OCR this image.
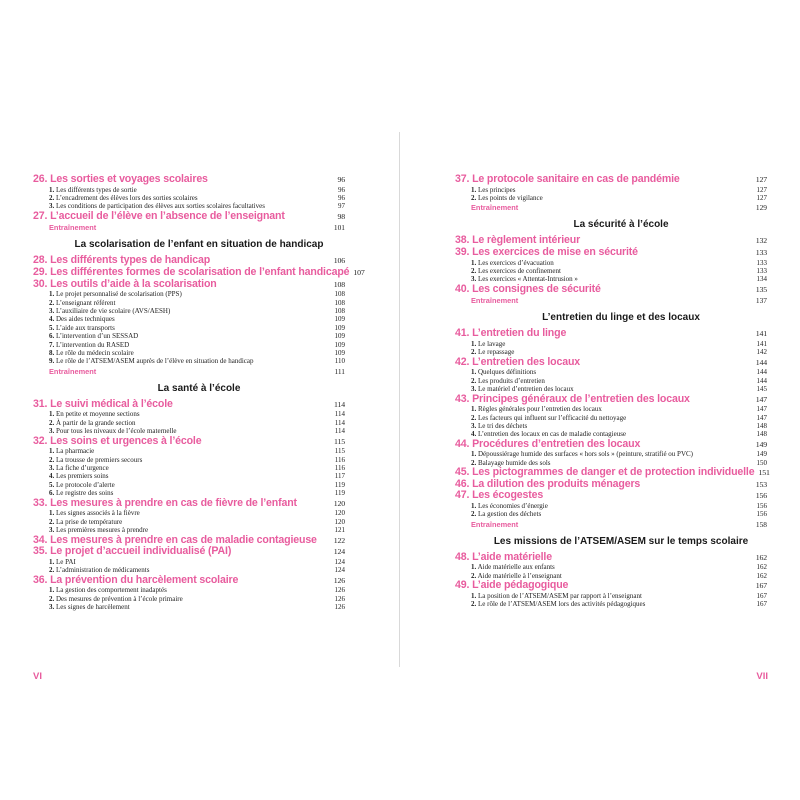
26. Les sorties et voyages scolaires	96
1. Les différents types de sortie	96
2. L’encadrement des élèves lors des sorties scolaires	96
3. Les conditions de participation des élèves aux sorties scolaires facultatives	97
27. L’accueil de l’élève en l’absence de l’enseignant	98
Entraînement	101
La scolarisation de l’enfant en situation de handicap
28. Les différents types de handicap	106
29. Les différentes formes de scolarisation de l’enfant handicapé 107
30. Les outils d’aide à la scolarisation	108
1. Le projet personnalisé de scolarisation (PPS)	108
2. L’enseignant référent	108
3. L’auxiliaire de vie scolaire (AVS/AESH)	108
4. Des aides techniques	109
5. L’aide aux transports	109
6. L’intervention d’un SESSAD	109
7. L’intervention du RASED	109
8. Le rôle du médecin scolaire	109
9. Le rôle de l’ATSEM/ASEM auprès de l’élève en situation de handicap	110
Entraînement	111
La santé à l’école
31. Le suivi médical à l’école	114
1. En petite et moyenne sections	114
2. À partir de la grande section	114
3. Pour tous les niveaux de l’école maternelle	114
32. Les soins et urgences à l’école	115
1. La pharmacie	115
2. La trousse de premiers secours	116
3. La fiche d’urgence	116
4. Les premiers soins	117
5. Le protocole d’alerte	119
6. Le registre des soins	119
33. Les mesures à prendre en cas de fièvre de l’enfant	120
1. Les signes associés à la fièvre	120
2. La prise de température	120
3. Les premières mesures à prendre	121
34. Les mesures à prendre en cas de maladie contagieuse	122
35. Le projet d’accueil individualisé (PAI)	124
1. Le PAI	124
2. L’administration de médicaments	124
36. La prévention du harcèlement scolaire	126
1. La gestion des comportement inadaptés	126
2. Des mesures de prévention à l’école primaire	126
3. Les signes de harcèlement	126
37. Le protocole sanitaire en cas de pandémie	127
1. Les principes	127
2. Les points de vigilance	127
Entraînement	129
La sécurité à l’école
38. Le règlement intérieur	132
39. Les exercices de mise en sécurité	133
1. Les exercices d’évacuation	133
2. Les exercices de confinement	133
3. Les exercices « Attentat-Intrusion »	134
40. Les consignes de sécurité	135
Entraînement	137
L’entretien du linge et des locaux
41. L’entretien du linge	141
1. Le lavage	141
2. Le repassage	142
42. L’entretien des locaux	144
1. Quelques définitions	144
2. Les produits d’entretien	144
3. Le matériel d’entretien des locaux	145
43. Principes généraux de l’entretien des locaux	147
1. Règles générales pour l’entretien des locaux	147
2. Les facteurs qui influent sur l’efficacité du nettoyage	147
3. Le tri des déchets	148
4. L’entretien des locaux en cas de maladie contagieuse	148
44. Procédures d’entretien des locaux	149
1. Dépoussiérage humide des surfaces « hors sols » (peinture, stratifié ou PVC)	149
2. Balayage humide des sols	150
45. Les pictogrammes de danger et de protection individuelle 151
46. La dilution des produits ménagers	153
47. Les écogestes	156
1. Les économies d’énergie	156
2. La gestion des déchets	156
Entraînement	158
Les missions de l’ATSEM/ASEM sur le temps scolaire
48. L’aide matérielle	162
1. Aide matérielle aux enfants	162
2. Aide matérielle à l’enseignant	162
49. L’aide pédagogique	167
1. La position de l’ATSEM/ASEM par rapport à l’enseignant	167
2. Le rôle de l’ATSEM/ASEM lors des activités pédagogiques	167
VI	VII
